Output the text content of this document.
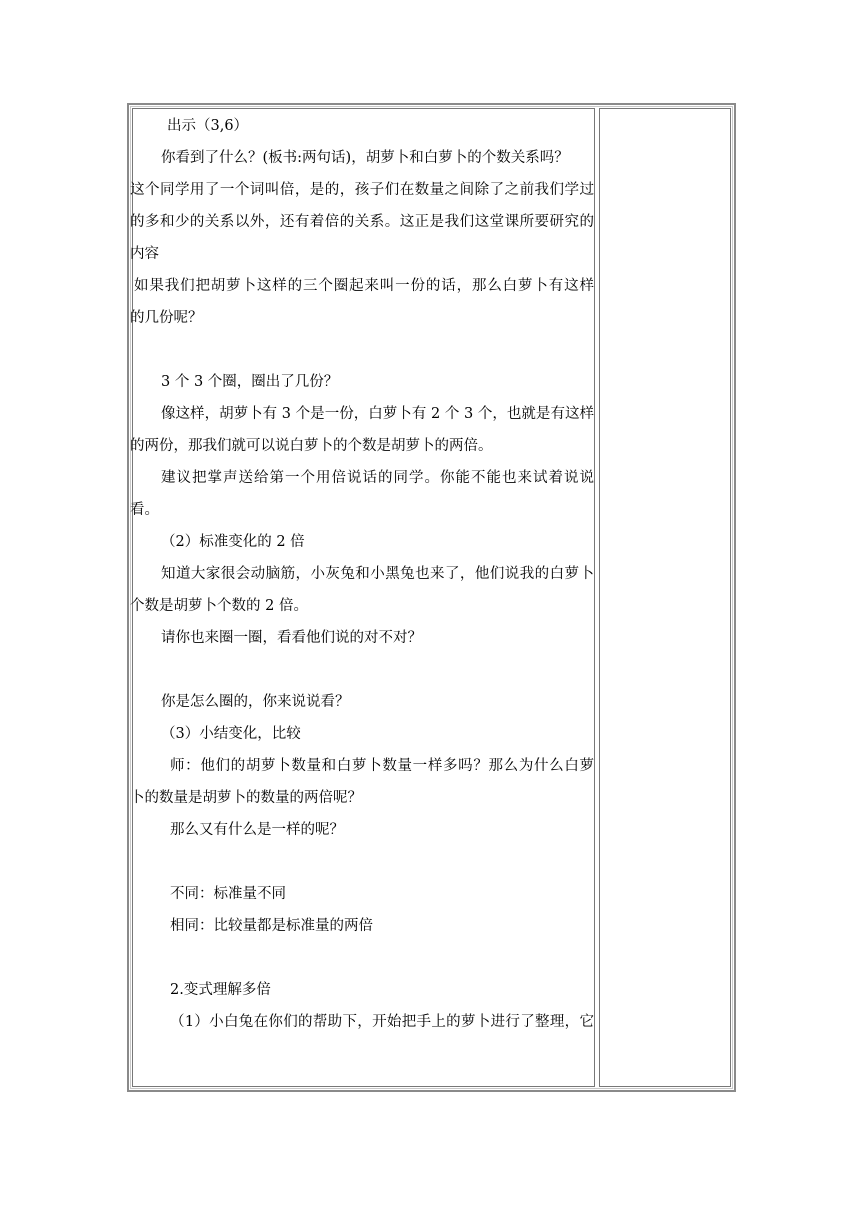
出示（3,6）
你看到了什么？(板书:两句话)，胡萝卜和白萝卜的个数关系吗？
这个同学用了一个词叫倍，是的，孩子们在数量之间除了之前我们学过
的多和少的关系以外，还有着倍的关系。这正是我们这堂课所要研究的
内容
如果我们把胡萝卜这样的三个圈起来叫一份的话，那么白萝卜有这样
的几份呢？
3 个 3 个圈，圈出了几份？
像这样，胡萝卜有 3 个是一份，白萝卜有 2 个 3 个，也就是有这样
的两份，那我们就可以说白萝卜的个数是胡萝卜的两倍。
建议把掌声送给第一个用倍说话的同学。你能不能也来试着说说
看。
（2）标准变化的 2 倍
知道大家很会动脑筋，小灰兔和小黑兔也来了，他们说我的白萝卜
个数是胡萝卜个数的 2 倍。
请你也来圈一圈，看看他们说的对不对？
你是怎么圈的，你来说说看？
（3）小结变化，比较
师：他们的胡萝卜数量和白萝卜数量一样多吗？那么为什么白萝
卜的数量是胡萝卜的数量的两倍呢？
那么又有什么是一样的呢？
不同：标准量不同
相同：比较量都是标准量的两倍
2.变式理解多倍
（1）小白兔在你们的帮助下，开始把手上的萝卜进行了整理，它
